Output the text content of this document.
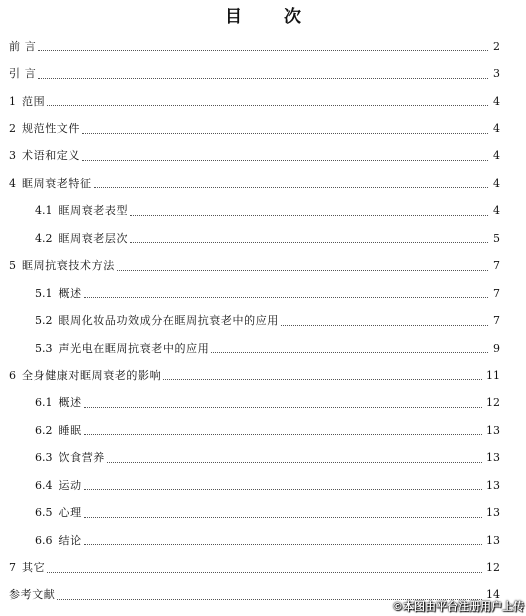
目 次
前 言	2
引 言	3
1 范围	4
2 规范性文件	4
3 术语和定义	4
4 眶周衰老特征	4
4.1 眶周衰老表型	4
4.2 眶周衰老层次	5
5 眶周抗衰技术方法	7
5.1 概述	7
5.2 眼周化妆品功效成分在眶周抗衰老中的应用	7
5.3 声光电在眶周抗衰老中的应用	9
6 全身健康对眶周衰老的影响	11
6.1 概述	12
6.2 睡眠	13
6.3 饮食营养	13
6.4 运动	13
6.5 心理	13
6.6 结论	13
7 其它	12
参考文献	14
©本图由平台注册用户上传
